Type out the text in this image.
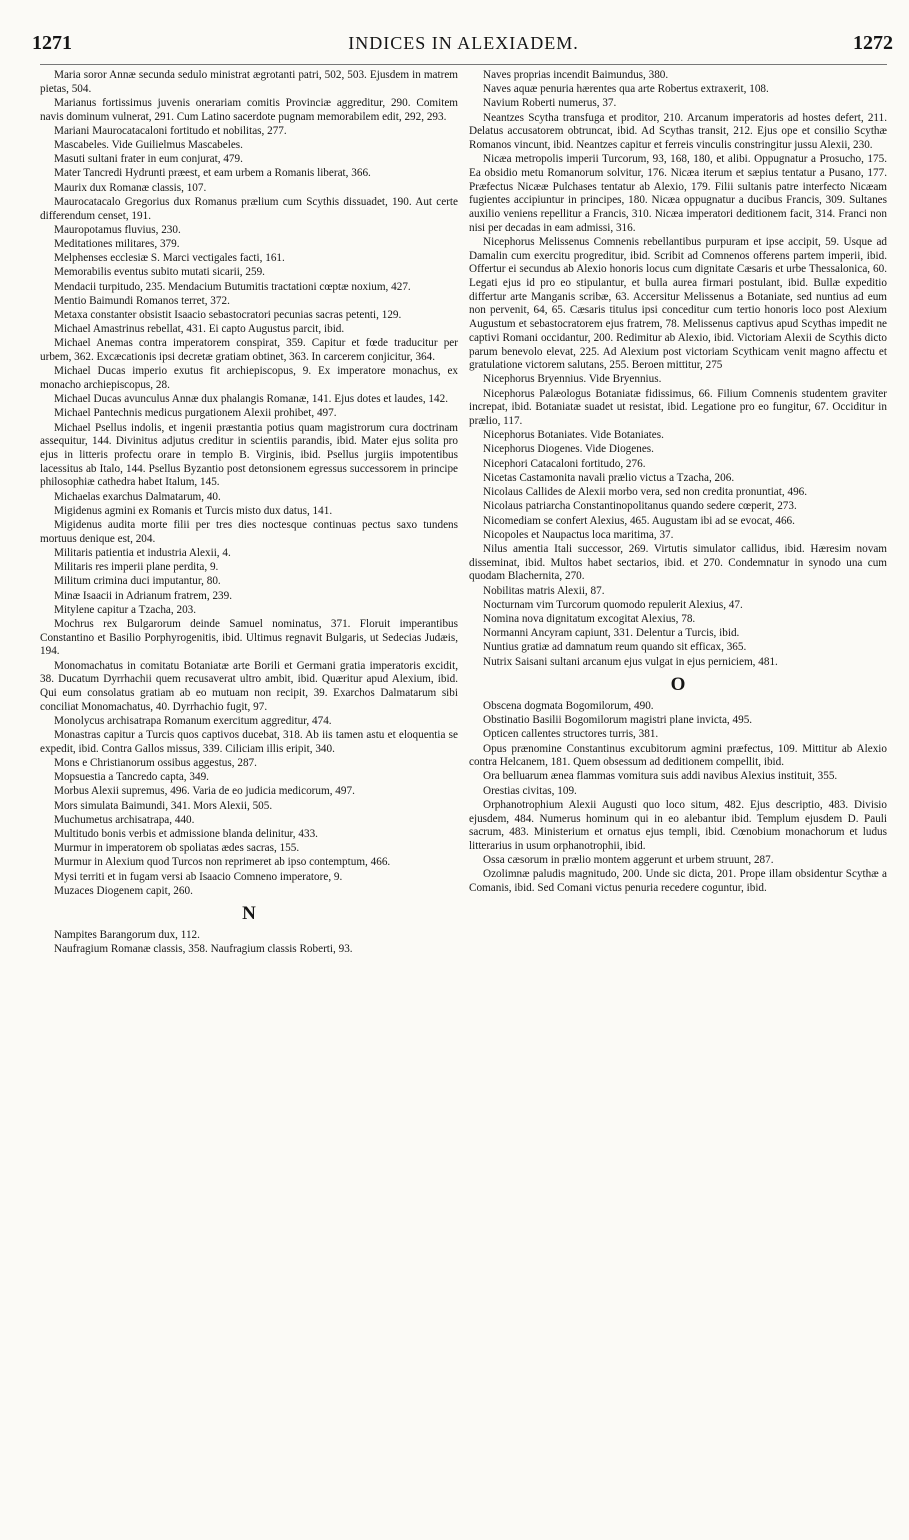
1271	INDICES IN ALEXIADEM.	1272

Maria soror Annæ secunda sedulo ministrat ægrotanti patri, 502, 503. Ejusdem in matrem pietas, 504.

Marianus fortissimus juvenis onerariam comitis Provinciæ aggreditur, 290. Comitem navis dominum vulnerat, 291. Cum Latino sacerdote pugnam memorabilem edit, 292, 293.

Mariani Maurocatacaloni fortitudo et nobilitas, 277.

Mascabeles. Vide Guilielmus Mascabeles.

Masuti sultani frater in eum conjurat, 479.

Mater Tancredi Hydrunti præest, et eam urbem a Romanis liberat, 366.

Maurix dux Romanæ classis, 107.

Maurocatacalo Gregorius dux Romanus prælium cum Scythis dissuadet, 190. Aut certe differendum censet, 191.

Mauropotamus fluvius, 230.

Meditationes militares, 379.

Melphenses ecclesiæ S. Marci vectigales facti, 161.

Memorabilis eventus subito mutati sicarii, 259.

Mendacii turpitudo, 235. Mendacium Butumitis tractationi cœptæ noxium, 427.

Mentio Baimundi Romanos terret, 372.

Metaxa constanter obsistit Isaacio sebastocratori pecunias sacras petenti, 129.

Michael Amastrinus rebellat, 431. Ei capto Augustus parcit, ibid.

Michael Anemas contra imperatorem conspirat, 359. Capitur et fœde traducitur per urbem, 362. Excæcationis ipsi decretæ gratiam obtinet, 363. In carcerem conjicitur, 364.

Michael Ducas imperio exutus fit archiepiscopus, 9. Ex imperatore monachus, ex monacho archiepiscopus, 28.

Michael Ducas avunculus Annæ dux phalangis Romanæ, 141. Ejus dotes et laudes, 142.

Michael Pantechnis medicus purgationem Alexii prohibet, 497.

Michael Psellus indolis, et ingenii præstantia potius quam magistrorum cura doctrinam assequitur, 144. Divinitus adjutus creditur in scientiis parandis, ibid. Mater ejus solita pro ejus in litteris profectu orare in templo B. Virginis, ibid. Psellus jurgiis impotentibus lacessitus ab Italo, 144. Psellus Byzantio post detonsionem egressus successorem in principe philosophiæ cathedra habet Italum, 145.

Michaelas exarchus Dalmatarum, 40.

Migidenus agmini ex Romanis et Turcis misto dux datus, 141.

Migidenus audita morte filii per tres dies noctesque continuas pectus saxo tundens mortuus denique est, 204.

Militaris patientia et industria Alexii, 4.

Militaris res imperii plane perdita, 9.

Militum crimina duci imputantur, 80.

Minæ Isaacii in Adrianum fratrem, 239.

Mitylene capitur a Tzacha, 203.

Mochrus rex Bulgarorum deinde Samuel nominatus, 371. Floruit imperantibus Constantino et Basilio Porphyrogenitis, ibid. Ultimus regnavit Bulgaris, ut Sedecias Judæis, 194.

Monomachatus in comitatu Botaniatæ arte Borili et Germani gratia imperatoris excidit, 38. Ducatum Dyrrhachii quem recusaverat ultro ambit, ibid. Quæritur apud Alexium, ibid. Qui eum consolatus gratiam ab eo mutuam non recipit, 39. Exarchos Dalmatarum sibi conciliat Monomachatus, 40. Dyrrhachio fugit, 97.

Monolycus archisatrapa Romanum exercitum aggreditur, 474.

Monastras capitur a Turcis quos captivos ducebat, 318. Ab iis tamen astu et eloquentia se expedit, ibid. Contra Gallos missus, 339. Ciliciam illis eripit, 340.

Mons e Christianorum ossibus aggestus, 287.

Mopsuestia a Tancredo capta, 349.

Morbus Alexii supremus, 496. Varia de eo judicia medicorum, 497.

Mors simulata Baimundi, 341. Mors Alexii, 505.

Muchumetus archisatrapa, 440.

Multitudo bonis verbis et admissione blanda delinitur, 433.

Murmur in imperatorem ob spoliatas ædes sacras, 155.

Murmur in Alexium quod Turcos non reprimeret ab ipso contemptum, 466.

Mysi territi et in fugam versi ab Isaacio Comneno imperatore, 9.

Muzaces Diogenem capit, 260.

N

Nampites Barangorum dux, 112.

Naufragium Romanæ classis, 358. Naufragium classis Roberti, 93.

Naves proprias incendit Baimundus, 380.

Naves aquæ penuria hærentes qua arte Robertus extraxerit, 108.

Navium Roberti numerus, 37.

Neantzes Scytha transfuga et proditor, 210. Arcanum imperatoris ad hostes defert, 211. Delatus accusatorem obtruncat, ibid. Ad Scythas transit, 212. Ejus ope et consilio Scythæ Romanos vincunt, ibid. Neantzes capitur et ferreis vinculis constringitur jussu Alexii, 230.

Nicæa metropolis imperii Turcorum, 93, 168, 180, et alibi. Oppugnatur a Prosucho, 175. Ea obsidio metu Romanorum solvitur, 176. Nicæa iterum et sæpius tentatur a Pusano, 177. Præfectus Nicææ Pulchases tentatur ab Alexio, 179. Filii sultanis patre interfecto Nicæam fugientes accipiuntur in principes, 180. Nicæa oppugnatur a ducibus Francis, 309. Sultanes auxilio veniens repellitur a Francis, 310. Nicæa imperatori deditionem facit, 314. Franci non nisi per decadas in eam admissi, 316.

Nicephorus Melissenus Comnenis rebellantibus purpuram et ipse accipit, 59. Usque ad Damalin cum exercitu progreditur, ibid. Scribit ad Comnenos offerens partem imperii, ibid. Offertur ei secundus ab Alexio honoris locus cum dignitate Cæsaris et urbe Thessalonica, 60. Legati ejus id pro eo stipulantur, et bulla aurea firmari postulant, ibid. Bullæ expeditio differtur arte Manganis scribæ, 63. Accersitur Melissenus a Botaniate, sed nuntius ad eum non pervenit, 64, 65. Cæsaris titulus ipsi conceditur cum tertio honoris loco post Alexium Augustum et sebastocratorem ejus fratrem, 78. Melissenus captivus apud Scythas impedit ne captivi Romani occidantur, 200. Redimitur ab Alexio, ibid. Victoriam Alexii de Scythis dicto parum benevolo elevat, 225. Ad Alexium post victoriam Scythicam venit magno affectu et gratulatione victorem salutans, 255. Beroen mittitur, 275

Nicephorus Bryennius. Vide Bryennius.

Nicephorus Palæologus Botaniatæ fidissimus, 66. Filium Comnenis studentem graviter increpat, ibid. Botaniatæ suadet ut resistat, ibid. Legatione pro eo fungitur, 67. Occiditur in prælio, 117.

Nicephorus Botaniates. Vide Botaniates.

Nicephorus Diogenes. Vide Diogenes.

Nicephori Catacaloni fortitudo, 276.

Nicetas Castamonita navali prælio victus a Tzacha, 206.

Nicolaus Callides de Alexii morbo vera, sed non credita pronuntiat, 496.

Nicolaus patriarcha Constantinopolitanus quando sedere cœperit, 273.

Nicomediam se confert Alexius, 465. Augustam ibi ad se evocat, 466.

Nicopoles et Naupactus loca maritima, 37.

Nilus amentia Itali successor, 269. Virtutis simulator callidus, ibid. Hæresim novam disseminat, ibid. Multos habet sectarios, ibid. et 270. Condemnatur in synodo una cum quodam Blachernita, 270.

Nobilitas matris Alexii, 87.

Nocturnam vim Turcorum quomodo repulerit Alexius, 47.

Nomina nova dignitatum excogitat Alexius, 78.

Normanni Ancyram capiunt, 331. Delentur a Turcis, ibid.

Nuntius gratiæ ad damnatum reum quando sit efficax, 365.

Nutrix Saisani sultani arcanum ejus vulgat in ejus perniciem, 481.

O

Obscena dogmata Bogomilorum, 490.

Obstinatio Basilii Bogomilorum magistri plane invicta, 495.

Opticen callentes structores turris, 381.

Opus prænomine Constantinus excubitorum agmini præfectus, 109. Mittitur ab Alexio contra Helcanem, 181. Quem obsessum ad deditionem compellit, ibid.

Ora belluarum ænea flammas vomitura suis addi navibus Alexius instituit, 355.

Orestias civitas, 109.

Orphanotrophium Alexii Augusti quo loco situm, 482. Ejus descriptio, 483. Divisio ejusdem, 484. Numerus hominum qui in eo alebantur ibid. Templum ejusdem D. Pauli sacrum, 483. Ministerium et ornatus ejus templi, ibid. Cœnobium monachorum et ludus litterarius in usum orphanotrophii, ibid.

Ossa cæsorum in prælio montem aggerunt et urbem struunt, 287.

Ozolimnæ paludis magnitudo, 200. Unde sic dicta, 201. Prope illam obsidentur Scythæ a Comanis, ibid. Sed Comani victus penuria recedere coguntur, ibid.
